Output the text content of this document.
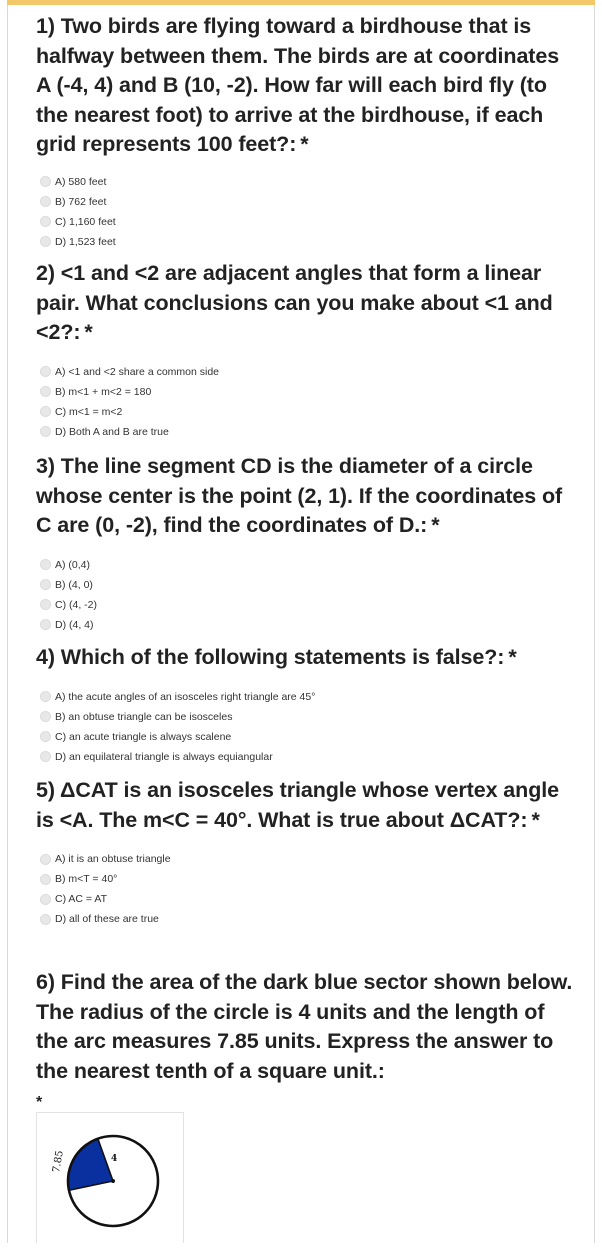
1) Two birds are flying toward a birdhouse that is halfway between them. The birds are at coordinates A (-4, 4) and B (10, -2). How far will each bird fly (to the nearest foot) to arrive at the birdhouse, if each grid represents 100 feet?: *

A) 580 feet
B) 762 feet
C) 1,160 feet
D) 1,523 feet

2) <1 and <2 are adjacent angles that form a linear pair. What conclusions can you make about <1 and <2?: *

A) <1 and <2 share a common side
B) m<1 + m<2 = 180
C) m<1 = m<2
D) Both A and B are true

3) The line segment CD is the diameter of a circle whose center is the point (2, 1). If the coordinates of C are (0, -2), find the coordinates of D.: *

A) (0,4)
B) (4, 0)
C) (4, -2)
D) (4, 4)

4) Which of the following statements is false?: *

A) the acute angles of an isosceles right triangle are 45°
B) an obtuse triangle can be isosceles
C) an acute triangle is always scalene
D) an equilateral triangle is always equiangular

5) ΔCAT is an isosceles triangle whose vertex angle is <A. The m<C = 40°. What is true about ΔCAT?: *

A) it is an obtuse triangle
B) m<T = 40°
C) AC = AT
D) all of these are true

6) Find the area of the dark blue sector shown below. The radius of the circle is 4 units and the length of the arc measures 7.85 units. Express the answer to the nearest tenth of a square unit.:
*

4
7.85
